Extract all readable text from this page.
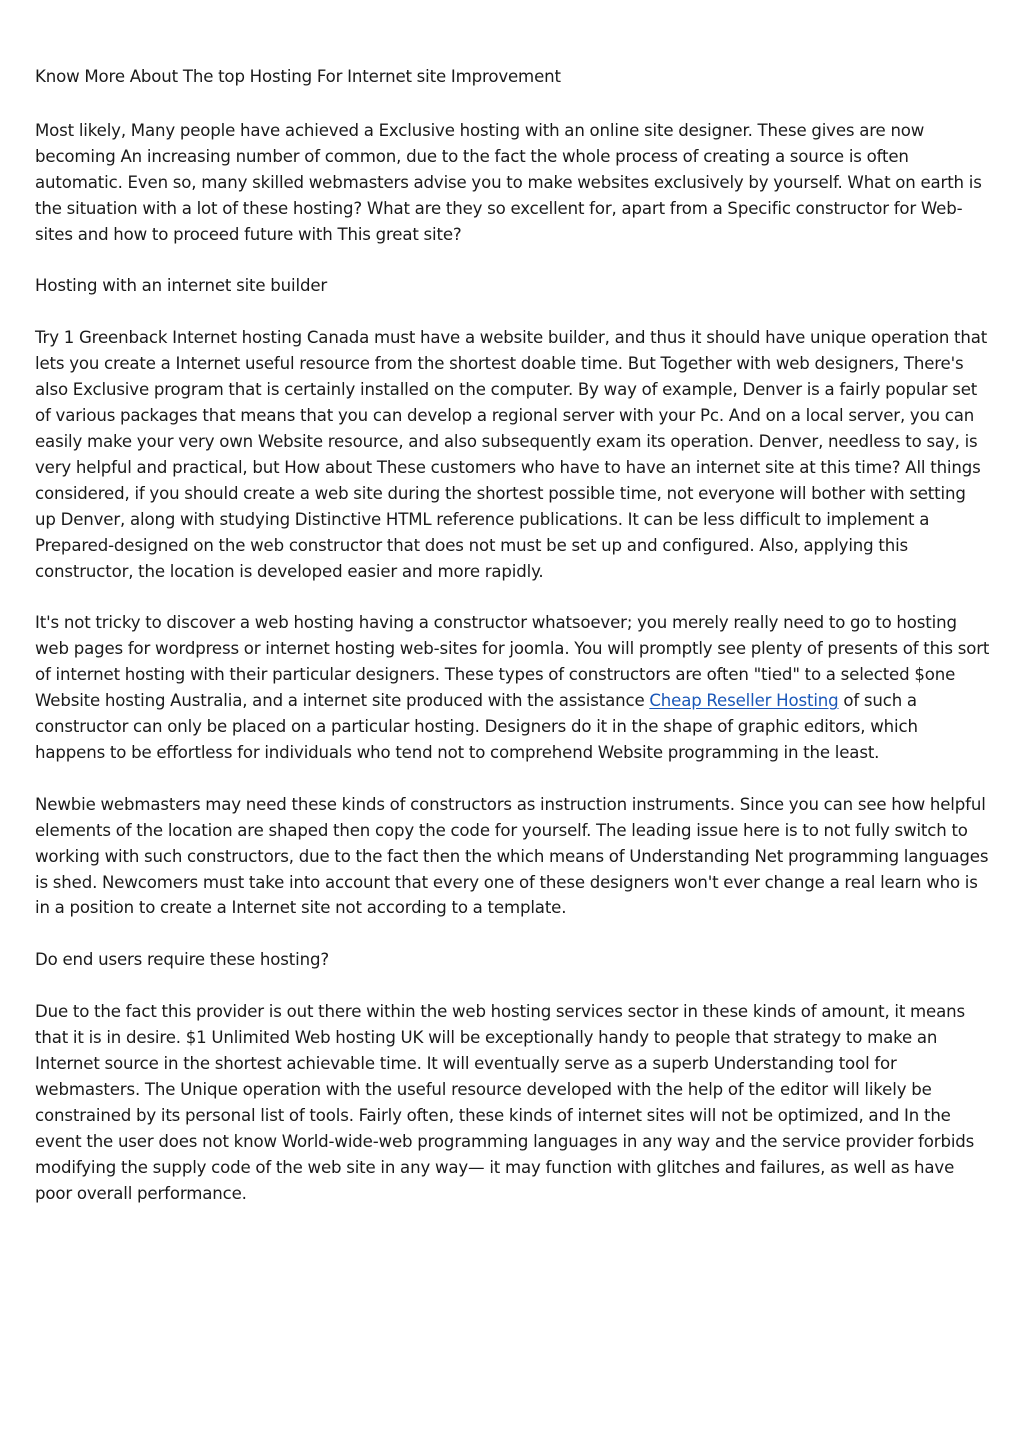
Know More About The top Hosting For Internet site Improvement

Most likely, Many people have achieved a Exclusive hosting with an online site designer. These gives are now becoming An increasing number of common, due to the fact the whole process of creating a source is often automatic. Even so, many skilled webmasters advise you to make websites exclusively by yourself. What on earth is the situation with a lot of these hosting? What are they so excellent for, apart from a Specific constructor for Web-sites and how to proceed future with This great site?

Hosting with an internet site builder

Try 1 Greenback Internet hosting Canada must have a website builder, and thus it should have unique operation that lets you create a Internet useful resource from the shortest doable time. But Together with web designers, There's also Exclusive program that is certainly installed on the computer. By way of example, Denver is a fairly popular set of various packages that means that you can develop a regional server with your Pc. And on a local server, you can easily make your very own Website resource, and also subsequently exam its operation. Denver, needless to say, is very helpful and practical, but How about These customers who have to have an internet site at this time? All things considered, if you should create a web site during the shortest possible time, not everyone will bother with setting up Denver, along with studying Distinctive HTML reference publications. It can be less difficult to implement a Prepared-designed on the web constructor that does not must be set up and configured. Also, applying this constructor, the location is developed easier and more rapidly.

It's not tricky to discover a web hosting having a constructor whatsoever; you merely really need to go to hosting web pages for wordpress or internet hosting web-sites for joomla. You will promptly see plenty of presents of this sort of internet hosting with their particular designers. These types of constructors are often "tied" to a selected $one Website hosting Australia, and a internet site produced with the assistance Cheap Reseller Hosting of such a constructor can only be placed on a particular hosting. Designers do it in the shape of graphic editors, which happens to be effortless for individuals who tend not to comprehend Website programming in the least.

Newbie webmasters may need these kinds of constructors as instruction instruments. Since you can see how helpful elements of the location are shaped then copy the code for yourself. The leading issue here is to not fully switch to working with such constructors, due to the fact then the which means of Understanding Net programming languages is shed. Newcomers must take into account that every one of these designers won't ever change a real learn who is in a position to create a Internet site not according to a template.

Do end users require these hosting?

Due to the fact this provider is out there within the web hosting services sector in these kinds of amount, it means that it is in desire. $1 Unlimited Web hosting UK will be exceptionally handy to people that strategy to make an Internet source in the shortest achievable time. It will eventually serve as a superb Understanding tool for webmasters. The Unique operation with the useful resource developed with the help of the editor will likely be constrained by its personal list of tools. Fairly often, these kinds of internet sites will not be optimized, and In the event the user does not know World-wide-web programming languages in any way and the service provider forbids modifying the supply code of the web site in any way— it may function with glitches and failures, as well as have poor overall performance.
